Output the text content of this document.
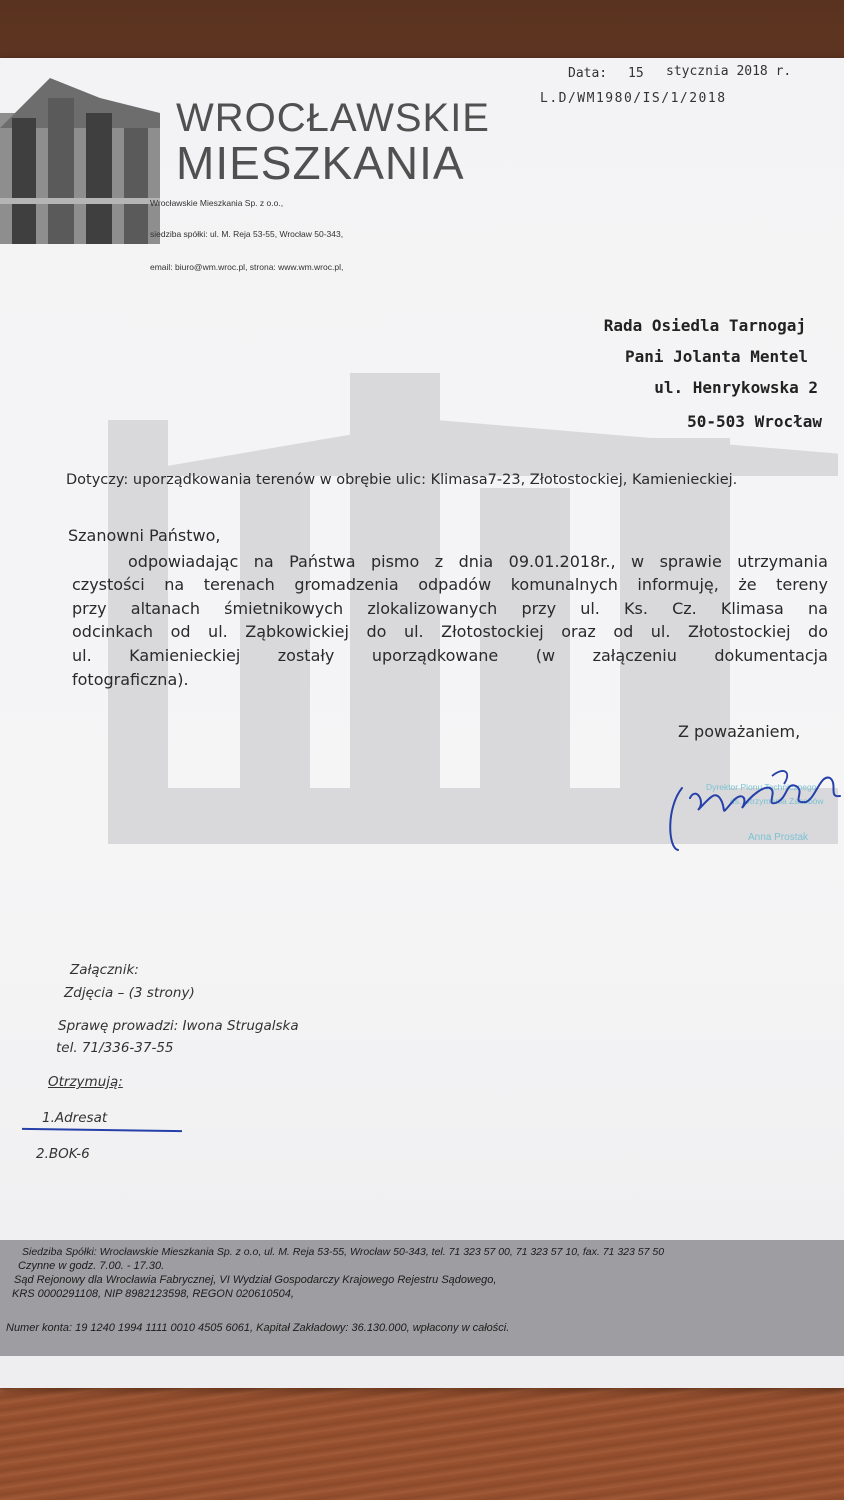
Data: 15 stycznia 2018 r.
L.D/WM1980/IS/1/2018
WROCŁAWSKIE
MIESZKANIA
Wrocławskie Mieszkania Sp. z o.o.,
siedziba spółki: ul. M. Reja 53-55, Wrocław 50-343,
email: biuro@wm.wroc.pl, strona: www.wm.wroc.pl,
Rada Osiedla Tarnogaj
Pani Jolanta Mentel
ul. Henrykowska 2
50-503 Wrocław
Dotyczy: uporządkowania terenów w obrębie ulic: Klimasa7-23, Złotostockiej, Kamienieckiej.
Szanowni Państwo,
odpowiadając na Państwa pismo z dnia 09.01.2018r., w sprawie utrzymania
czystości na terenach gromadzenia odpadów komunalnych informuję, że tereny
przy altanach śmietnikowych zlokalizowanych przy ul. Ks. Cz. Klimasa na
odcinkach od ul. Ząbkowickiej do ul. Złotostockiej oraz od ul. Złotostockiej do
ul. Kamienieckiej zostały uporządkowane (w załączeniu dokumentacja
fotograficzna).
Z poważaniem,
Dyrektor Pionu Technicznego
ds. Utrzymania Zasobów
Anna Prostak
Załącznik:
Zdjęcia – (3 strony)
Sprawę prowadzi: Iwona Strugalska
tel. 71/336-37-55
Otrzymują:
1.Adresat
2.BOK-6
Siedziba Spółki: Wrocławskie Mieszkania Sp. z o.o, ul. M. Reja 53-55, Wrocław 50-343, tel. 71 323 57 00, 71 323 57 10, fax. 71 323 57 50
Czynne w godz. 7.00. - 17.30.
Sąd Rejonowy dla Wrocławia Fabrycznej, VI Wydział Gospodarczy Krajowego Rejestru Sądowego,
KRS 0000291108, NIP 8982123598, REGON 020610504,
Numer konta: 19 1240 1994 1111 0010 4505 6061, Kapitał Zakładowy: 36.130.000, wpłacony w całości.
